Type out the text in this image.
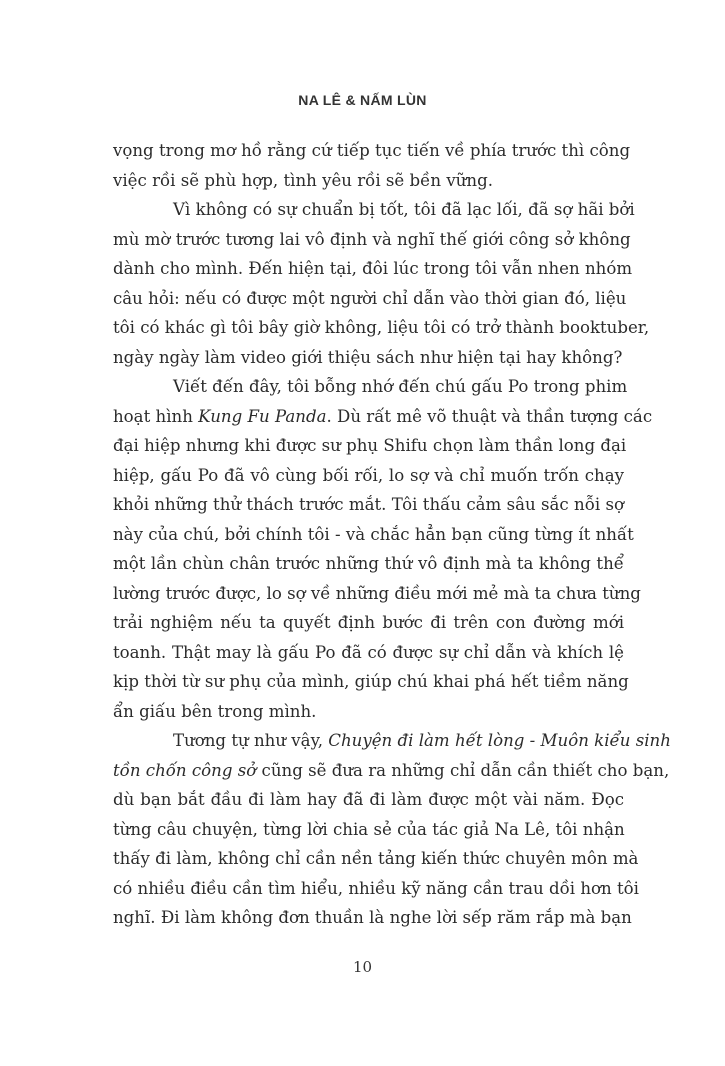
NA LÊ & NẤM LÙN
vọng trong mơ hồ rằng cứ tiếp tục tiến về phía trước thì công
việc rồi sẽ phù hợp, tình yêu rồi sẽ bền vững.
Vì không có sự chuẩn bị tốt, tôi đã lạc lối, đã sợ hãi bởi
mù mờ trước tương lai vô định và nghĩ thế giới công sở không
dành cho mình. Đến hiện tại, đôi lúc trong tôi vẫn nhen nhóm
câu hỏi: nếu có được một người chỉ dẫn vào thời gian đó, liệu
tôi có khác gì tôi bây giờ không, liệu tôi có trở thành booktuber,
ngày ngày làm video giới thiệu sách như hiện tại hay không?
Viết đến đây, tôi bỗng nhớ đến chú gấu Po trong phim
hoạt hình Kung Fu Panda. Dù rất mê võ thuật và thần tượng các
đại hiệp nhưng khi được sư phụ Shifu chọn làm thần long đại
hiệp, gấu Po đã vô cùng bối rối, lo sợ và chỉ muốn trốn chạy
khỏi những thử thách trước mắt. Tôi thấu cảm sâu sắc nỗi sợ
này của chú, bởi chính tôi - và chắc hẳn bạn cũng từng ít nhất
một lần chùn chân trước những thứ vô định mà ta không thể
lường trước được, lo sợ về những điều mới mẻ mà ta chưa từng
trải nghiệm nếu ta quyết định bước đi trên con đường mới
toanh. Thật may là gấu Po đã có được sự chỉ dẫn và khích lệ
kịp thời từ sư phụ của mình, giúp chú khai phá hết tiềm năng
ẩn giấu bên trong mình.
Tương tự như vậy, Chuyện đi làm hết lòng - Muôn kiểu sinh
tồn chốn công sở cũng sẽ đưa ra những chỉ dẫn cần thiết cho bạn,
dù bạn bắt đầu đi làm hay đã đi làm được một vài năm. Đọc
từng câu chuyện, từng lời chia sẻ của tác giả Na Lê, tôi nhận
thấy đi làm, không chỉ cần nền tảng kiến thức chuyên môn mà
có nhiều điều cần tìm hiểu, nhiều kỹ năng cần trau dồi hơn tôi
nghĩ. Đi làm không đơn thuần là nghe lời sếp răm rắp mà bạn
10
